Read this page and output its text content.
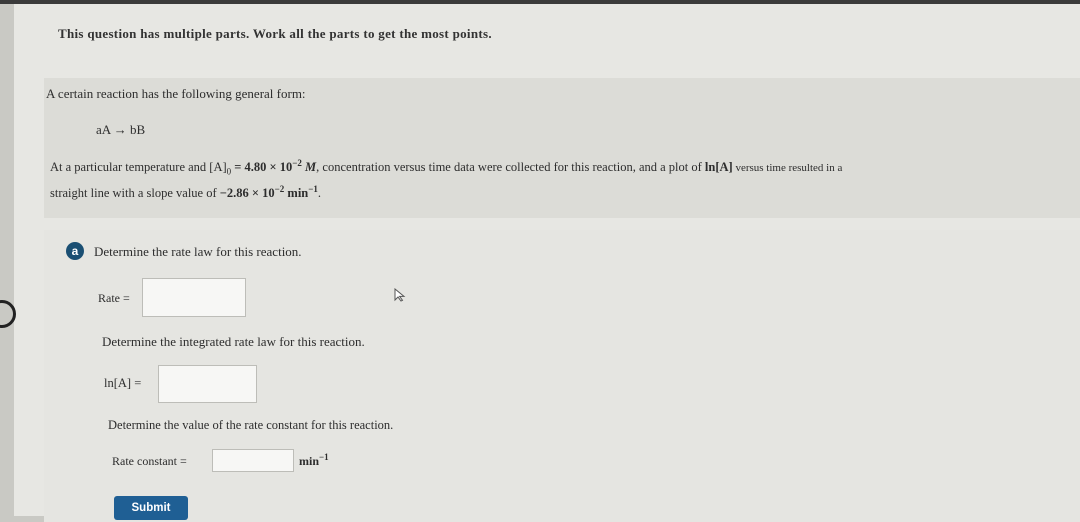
This question has multiple parts. Work all the parts to get the most points.
A certain reaction has the following general form:
aA → bB
At a particular temperature and $[A]_0 = 4.80 \times 10^{-2}$ M, concentration versus time data were collected for this reaction, and a plot of ln[A] versus time resulted in a
straight line with a slope value of $-2.86 \times 10^{-2}$ $\min^{-1}$.
a	Determine the rate law for this reaction.
Rate =
Determine the integrated rate law for this reaction.
ln[A] =
Determine the value of the rate constant for this reaction.
Rate constant =	$\min^{-1}$
Submit
